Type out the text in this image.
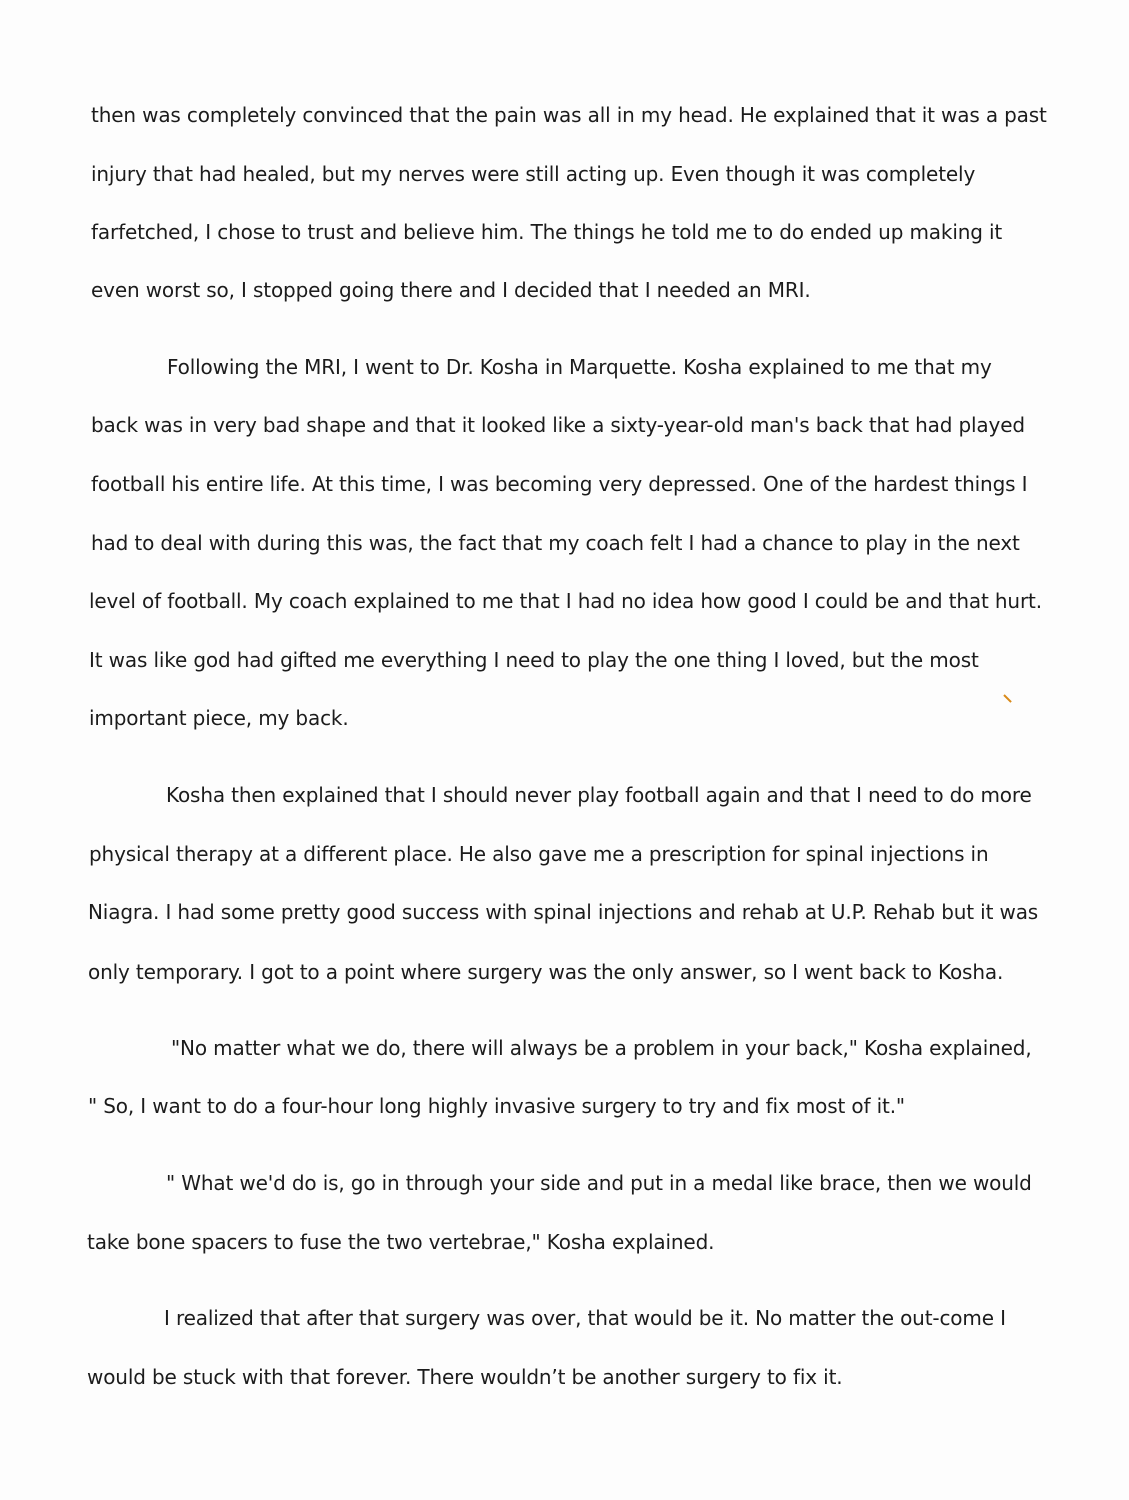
then was completely convinced that the pain was all in my head. He explained that it was a past
injury that had healed, but my nerves were still acting up. Even though it was completely
farfetched, I chose to trust and believe him. The things he told me to do ended up making it
even worst so, I stopped going there and I decided that I needed an MRI.
Following the MRI, I went to Dr. Kosha in Marquette. Kosha explained to me that my
back was in very bad shape and that it looked like a sixty-year-old man's back that had played
football his entire life. At this time, I was becoming very depressed. One of the hardest things I
had to deal with during this was, the fact that my coach felt I had a chance to play in the next
level of football. My coach explained to me that I had no idea how good I could be and that hurt.
It was like god had gifted me everything I need to play the one thing I loved, but the most
important piece, my back.
Kosha then explained that I should never play football again and that I need to do more
physical therapy at a different place. He also gave me a prescription for spinal injections in
Niagra. I had some pretty good success with spinal injections and rehab at U.P. Rehab but it was
only temporary. I got to a point where surgery was the only answer, so I went back to Kosha.
"No matter what we do, there will always be a problem in your back," Kosha explained,
" So, I want to do a four-hour long highly invasive surgery to try and fix most of it."
" What we'd do is, go in through your side and put in a medal like brace, then we would
take bone spacers to fuse the two vertebrae," Kosha explained.
I realized that after that surgery was over, that would be it. No matter the out-come I
would be stuck with that forever. There wouldn’t be another surgery to fix it.
